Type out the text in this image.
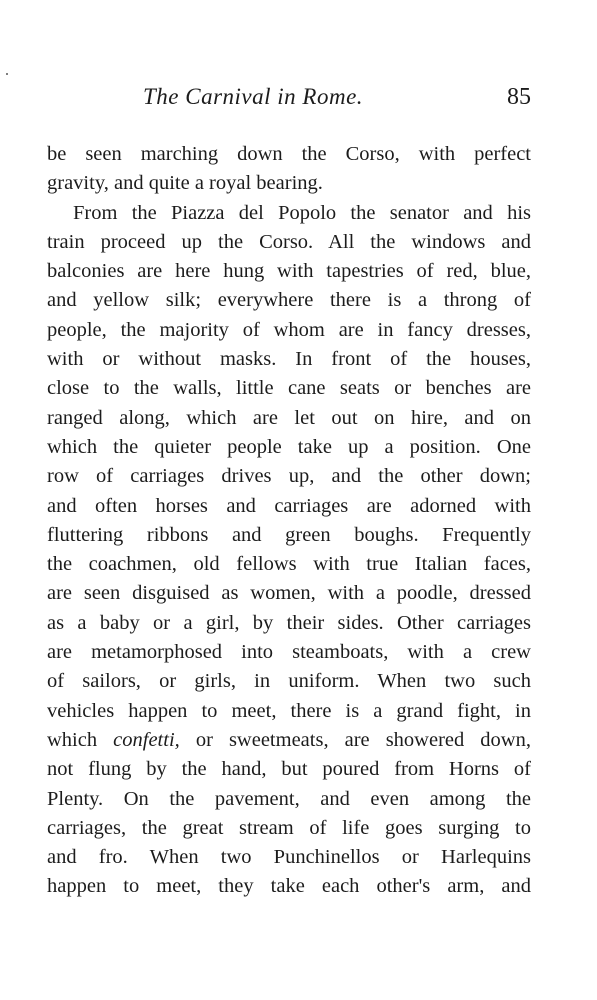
The Carnival in Rome.	85
be seen marching down the Corso, with perfect
gravity, and quite a royal bearing.
From the Piazza del Popolo the senator and his
train proceed up the Corso. All the windows and
balconies are here hung with tapestries of red, blue,
and yellow silk; everywhere there is a throng of
people, the majority of whom are in fancy dresses,
with or without masks. In front of the houses,
close to the walls, little cane seats or benches are
ranged along, which are let out on hire, and on
which the quieter people take up a position. One
row of carriages drives up, and the other down;
and often horses and carriages are adorned with
fluttering ribbons and green boughs. Frequently
the coachmen, old fellows with true Italian faces,
are seen disguised as women, with a poodle, dressed
as a baby or a girl, by their sides. Other carriages
are metamorphosed into steamboats, with a crew
of sailors, or girls, in uniform. When two such
vehicles happen to meet, there is a grand fight, in
which confetti, or sweetmeats, are showered down,
not flung by the hand, but poured from Horns of
Plenty. On the pavement, and even among the
carriages, the great stream of life goes surging to
and fro. When two Punchinellos or Harlequins
happen to meet, they take each other's arm, and
